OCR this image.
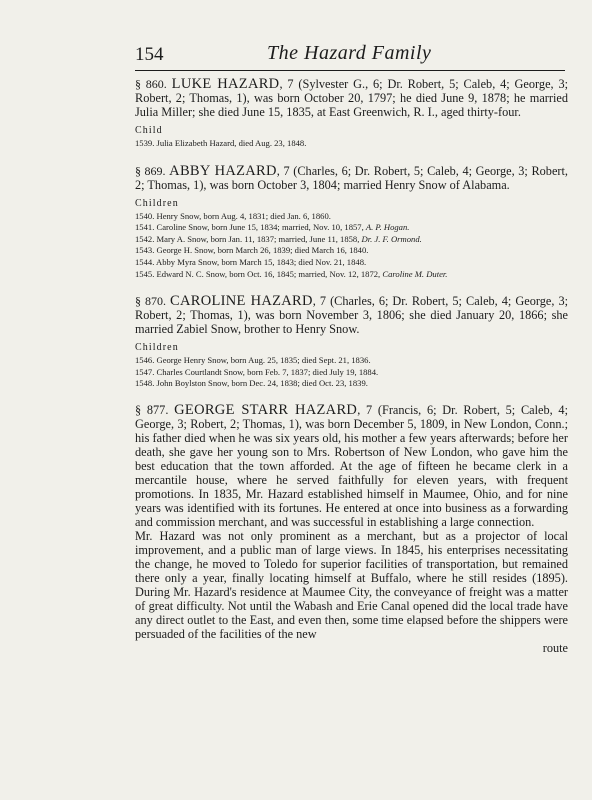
154	The Hazard Family

§ 860. LUKE HAZARD, 7 (Sylvester G., 6; Dr. Robert, 5; Caleb, 4; George, 3; Robert, 2; Thomas, 1), was born October 20, 1797; he died June 9, 1878; he married Julia Miller; she died June 15, 1835, at East Greenwich, R. I., aged thirty-four.

Child
1539. Julia Elizabeth Hazard, died Aug. 23, 1848.

§ 869. ABBY HAZARD, 7 (Charles, 6; Dr. Robert, 5; Caleb, 4; George, 3; Robert, 2; Thomas, 1), was born October 3, 1804; married Henry Snow of Alabama.

Children
1540. Henry Snow, born Aug. 4, 1831; died Jan. 6, 1860.
1541. Caroline Snow, born June 15, 1834; married, Nov. 10, 1857, A. P. Hogan.
1542. Mary A. Snow, born Jan. 11, 1837; married, June 11, 1858, Dr. J. F. Ormond.
1543. George H. Snow, born March 26, 1839; died March 16, 1840.
1544. Abby Myra Snow, born March 15, 1843; died Nov. 21, 1848.
1545. Edward N. C. Snow, born Oct. 16, 1845; married, Nov. 12, 1872, Caroline M. Duter.

§ 870. CAROLINE HAZARD, 7 (Charles, 6; Dr. Robert, 5; Caleb, 4; George, 3; Robert, 2; Thomas, 1), was born November 3, 1806; she died January 20, 1866; she married Zabiel Snow, brother to Henry Snow.

Children
1546. George Henry Snow, born Aug. 25, 1835; died Sept. 21, 1836.
1547. Charles Courtlandt Snow, born Feb. 7, 1837; died July 19, 1884.
1548. John Boylston Snow, born Dec. 24, 1838; died Oct. 23, 1839.

§ 877. GEORGE STARR HAZARD, 7 (Francis, 6; Dr. Robert, 5; Caleb, 4; George, 3; Robert, 2; Thomas, 1), was born December 5, 1809, in New London, Conn.; his father died when he was six years old, his mother a few years afterwards; before her death, she gave her young son to Mrs. Robertson of New London, who gave him the best education that the town afforded. At the age of fifteen he became clerk in a mercantile house, where he served faithfully for eleven years, with frequent promotions. In 1835, Mr. Hazard established himself in Maumee, Ohio, and for nine years was identified with its fortunes. He entered at once into business as a forwarding and commission merchant, and was successful in establishing a large connection.

Mr. Hazard was not only prominent as a merchant, but as a projector of local improvement, and a public man of large views. In 1845, his enterprises necessitating the change, he moved to Toledo for superior facilities of transportation, but remained there only a year, finally locating himself at Buffalo, where he still resides (1895). During Mr. Hazard's residence at Maumee City, the conveyance of freight was a matter of great difficulty. Not until the Wabash and Erie Canal opened did the local trade have any direct outlet to the East, and even then, some time elapsed before the shippers were persuaded of the facilities of the new

route
